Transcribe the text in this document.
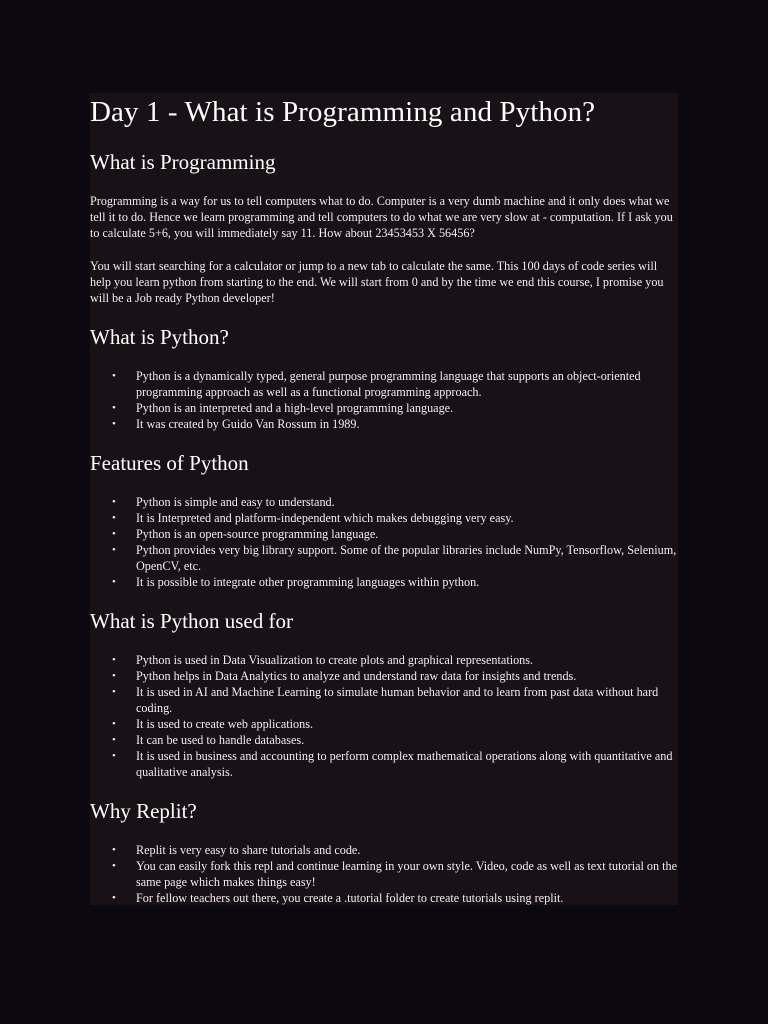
Day 1 - What is Programming and Python?
What is Programming

Programming is a way for us to tell computers what to do. Computer is a very dumb machine and it only does what we tell it to do. Hence we learn programming and tell computers to do what we are very slow at - computation. If I ask you to calculate 5+6, you will immediately say 11. How about 23453453 X 56456?

You will start searching for a calculator or jump to a new tab to calculate the same. This 100 days of code series will help you learn python from starting to the end. We will start from 0 and by the time we end this course, I promise you will be a Job ready Python developer!

What is Python?
• Python is a dynamically typed, general purpose programming language that supports an object-oriented programming approach as well as a functional programming approach.
• Python is an interpreted and a high-level programming language.
• It was created by Guido Van Rossum in 1989.
Features of Python
• Python is simple and easy to understand.
• It is Interpreted and platform-independent which makes debugging very easy.
• Python is an open-source programming language.
• Python provides very big library support. Some of the popular libraries include NumPy, Tensorflow, Selenium, OpenCV, etc.
• It is possible to integrate other programming languages within python.
What is Python used for
• Python is used in Data Visualization to create plots and graphical representations.
• Python helps in Data Analytics to analyze and understand raw data for insights and trends.
• It is used in AI and Machine Learning to simulate human behavior and to learn from past data without hard coding.
• It is used to create web applications.
• It can be used to handle databases.
• It is used in business and accounting to perform complex mathematical operations along with quantitative and qualitative analysis.
Why Replit?
• Replit is very easy to share tutorials and code.
• You can easily fork this repl and continue learning in your own style. Video, code as well as text tutorial on the same page which makes things easy!
• For fellow teachers out there, you create a .tutorial folder to create tutorials using replit.
